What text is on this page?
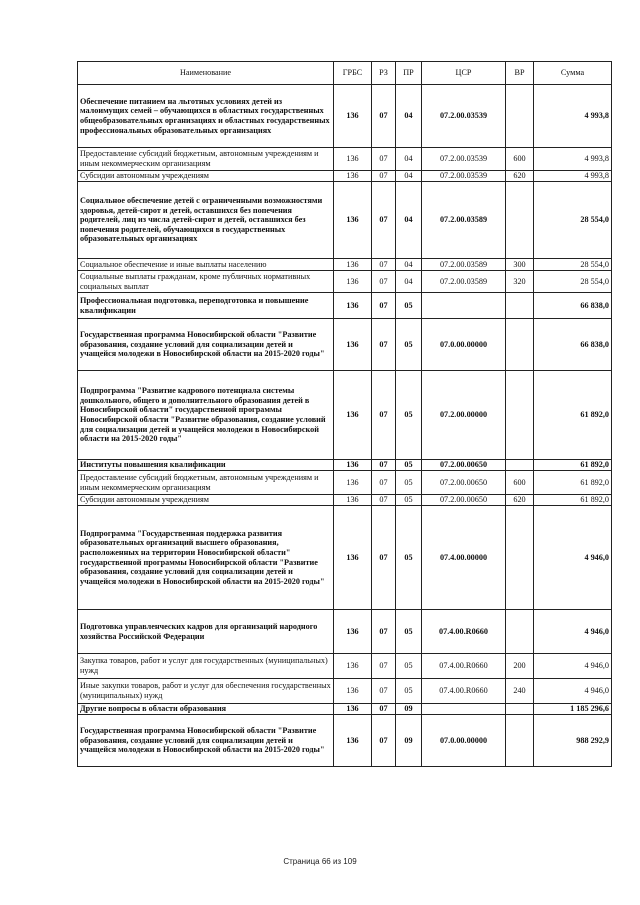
Наименование	ГРБС	РЗ	ПР	ЦСР	ВР	Сумма
Обеспечение питанием на льготных условиях детей из малоимущих семей – обучающихся в областных государственных общеобразовательных организациях и областных государственных профессиональных образовательных организациях	136	07	04	07.2.00.03539		4 993,8
Предоставление субсидий бюджетным, автономным учреждениям и иным некоммерческим организациям	136	07	04	07.2.00.03539	600	4 993,8
Субсидии автономным учреждениям	136	07	04	07.2.00.03539	620	4 993,8
Социальное обеспечение детей с ограниченными возможностями здоровья, детей-сирот и детей, оставшихся без попечения родителей, лиц из числа детей-сирот и детей, оставшихся без попечения родителей, обучающихся в государственных образовательных организациях	136	07	04	07.2.00.03589		28 554,0
Социальное обеспечение и иные выплаты населению	136	07	04	07.2.00.03589	300	28 554,0
Социальные выплаты гражданам, кроме публичных нормативных социальных выплат	136	07	04	07.2.00.03589	320	28 554,0
Профессиональная подготовка, переподготовка и повышение квалификации	136	07	05			66 838,0
Государственная программа Новосибирской области "Развитие образования, создание условий для социализации детей и учащейся молодежи в Новосибирской области на 2015-2020 годы"	136	07	05	07.0.00.00000		66 838,0
Подпрограмма "Развитие кадрового потенциала системы дошкольного, общего и дополнительного образования детей в Новосибирской области" государственной программы Новосибирской области "Развитие образования, создание условий для социализации детей и учащейся молодежи в Новосибирской области на 2015-2020 годы"	136	07	05	07.2.00.00000		61 892,0
Институты повышения квалификации	136	07	05	07.2.00.00650		61 892,0
Предоставление субсидий бюджетным, автономным учреждениям и иным некоммерческим организациям	136	07	05	07.2.00.00650	600	61 892,0
Субсидии автономным учреждениям	136	07	05	07.2.00.00650	620	61 892,0
Подпрограмма "Государственная поддержка развития образовательных организаций высшего образования, расположенных на территории Новосибирской области" государственной программы Новосибирской области "Развитие образования, создание условий для социализации детей и учащейся молодежи в Новосибирской области на 2015-2020 годы"	136	07	05	07.4.00.00000		4 946,0
Подготовка управленческих кадров для организаций народного хозяйства Российской Федерации	136	07	05	07.4.00.R0660		4 946,0
Закупка товаров, работ и услуг для государственных (муниципальных) нужд	136	07	05	07.4.00.R0660	200	4 946,0
Иные закупки товаров, работ и услуг для обеспечения государственных (муниципальных) нужд	136	07	05	07.4.00.R0660	240	4 946,0
Другие вопросы в области образования	136	07	09			1 185 296,6
Государственная программа Новосибирской области "Развитие образования, создание условий для социализации детей и учащейся молодежи в Новосибирской области на 2015-2020 годы"	136	07	09	07.0.00.00000		988 292,9
Страница 66 из 109
